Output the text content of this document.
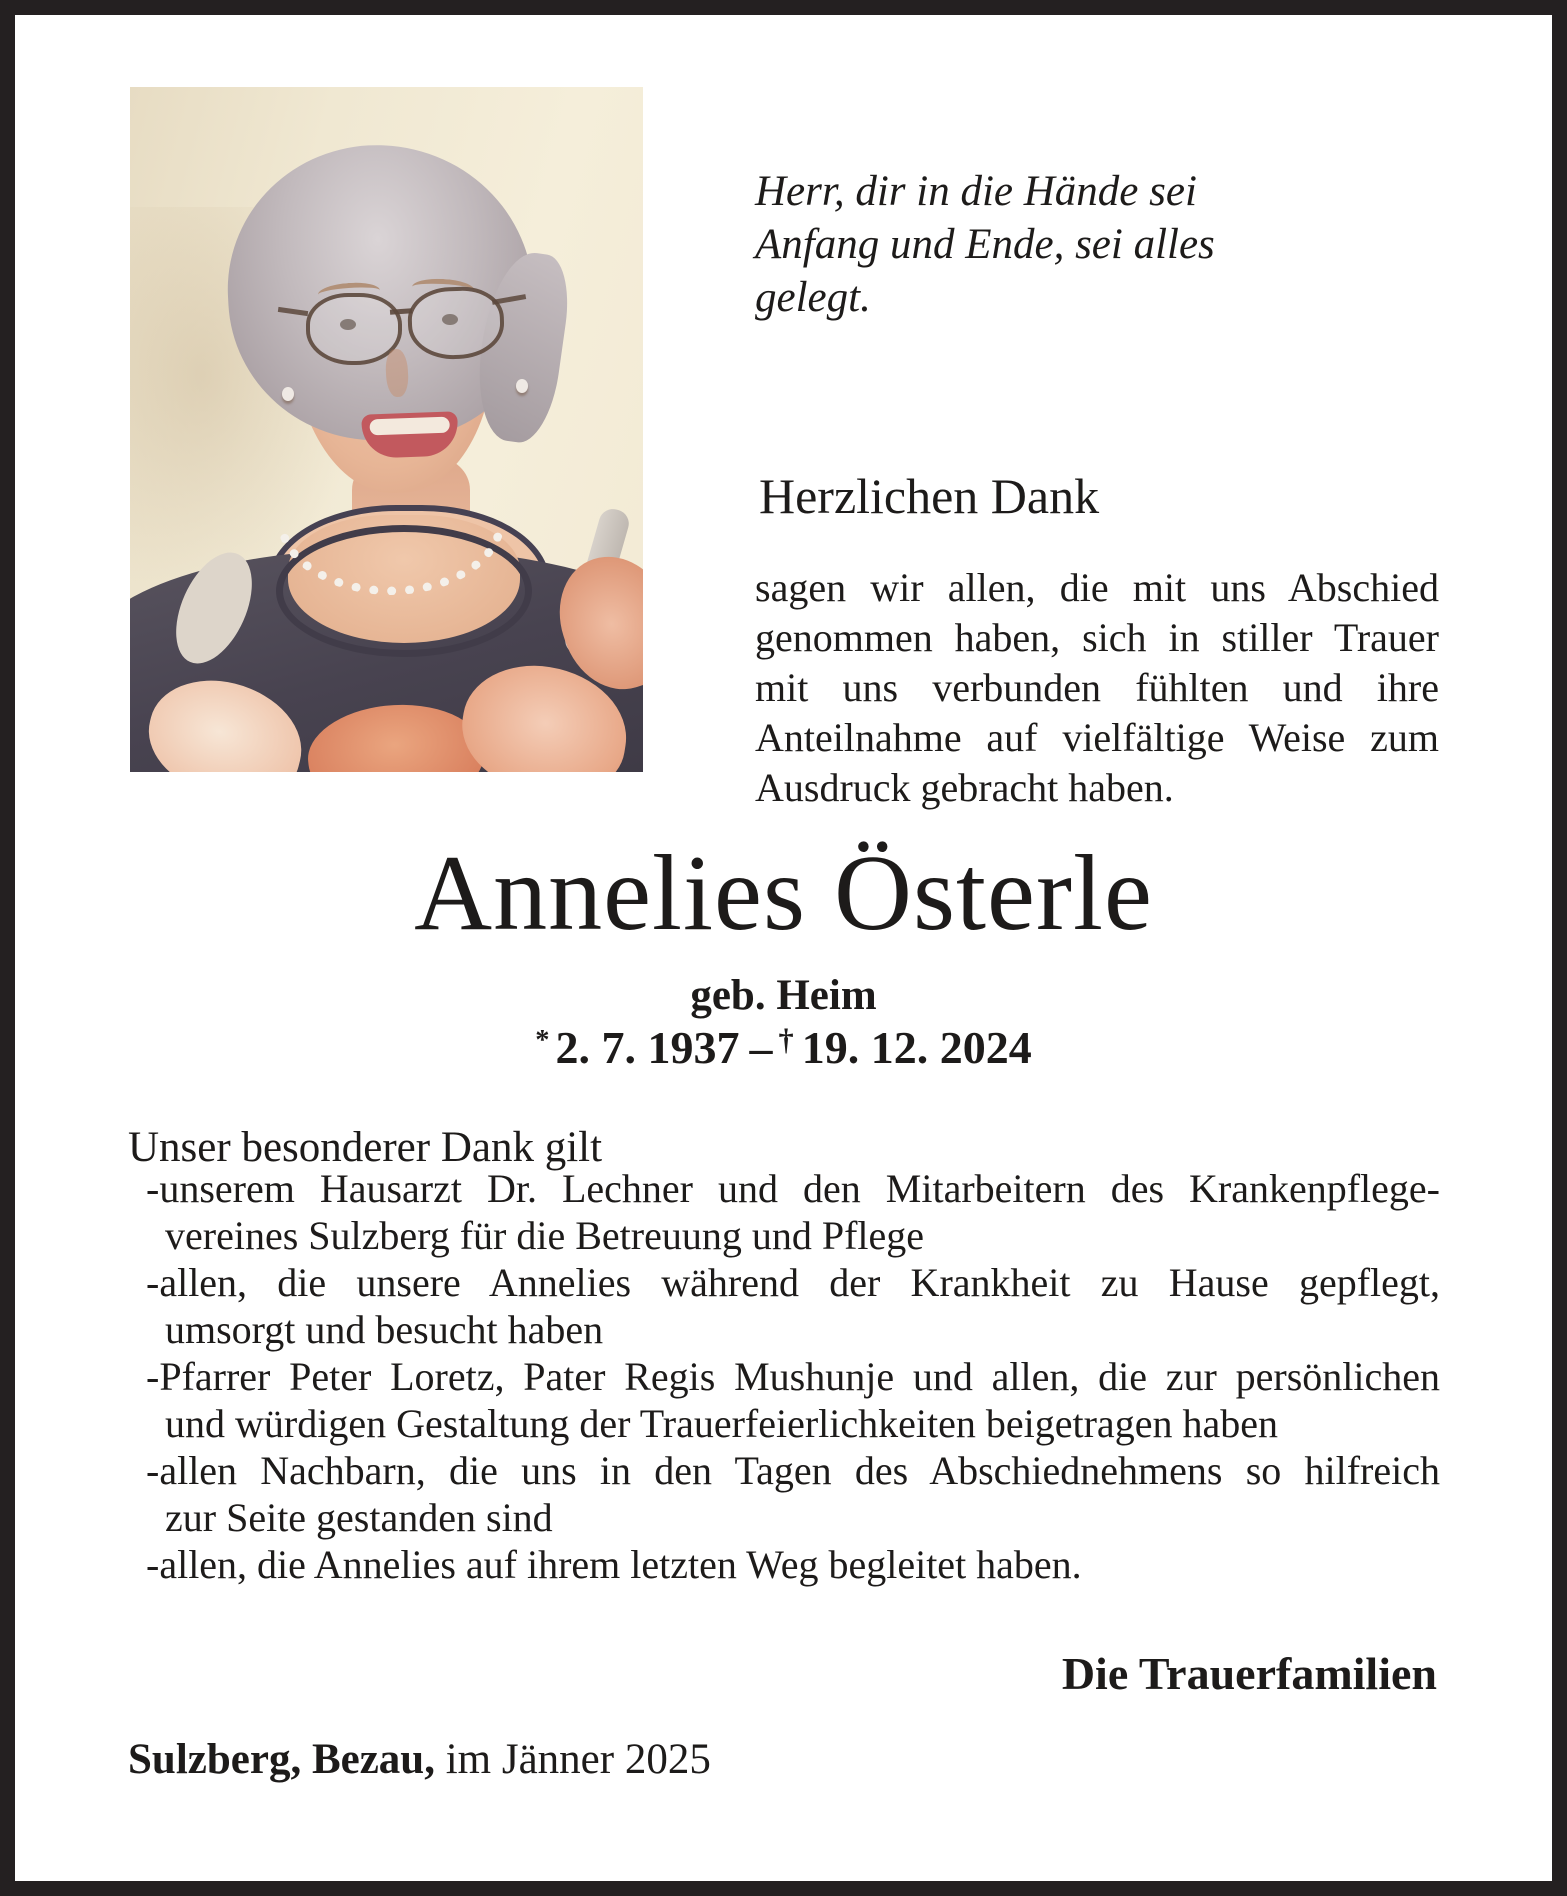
Herr, dir in die Hände sei
Anfang und Ende, sei alles
gelegt.
Herzlichen Dank
sagen wir allen, die mit uns Abschied
genommen haben, sich in stiller Trauer
mit uns verbunden fühlten und ihre
Anteilnahme auf vielfältige Weise zum
Ausdruck gebracht haben.
Annelies Österle
geb. Heim
* 2. 7. 1937 – † 19. 12. 2024
Unser besonderer Dank gilt
-unserem Hausarzt Dr. Lechner und den Mitarbeitern des Krankenpflege-
vereines Sulzberg für die Betreuung und Pflege
-allen, die unsere Annelies während der Krankheit zu Hause gepflegt,
umsorgt und besucht haben
-Pfarrer Peter Loretz, Pater Regis Mushunje und allen, die zur persönlichen
und würdigen Gestaltung der Trauerfeierlichkeiten beigetragen haben
-allen Nachbarn, die uns in den Tagen des Abschiednehmens so hilfreich
zur Seite gestanden sind
-allen, die Annelies auf ihrem letzten Weg begleitet haben.
Die Trauerfamilien
Sulzberg, Bezau, im Jänner 2025
